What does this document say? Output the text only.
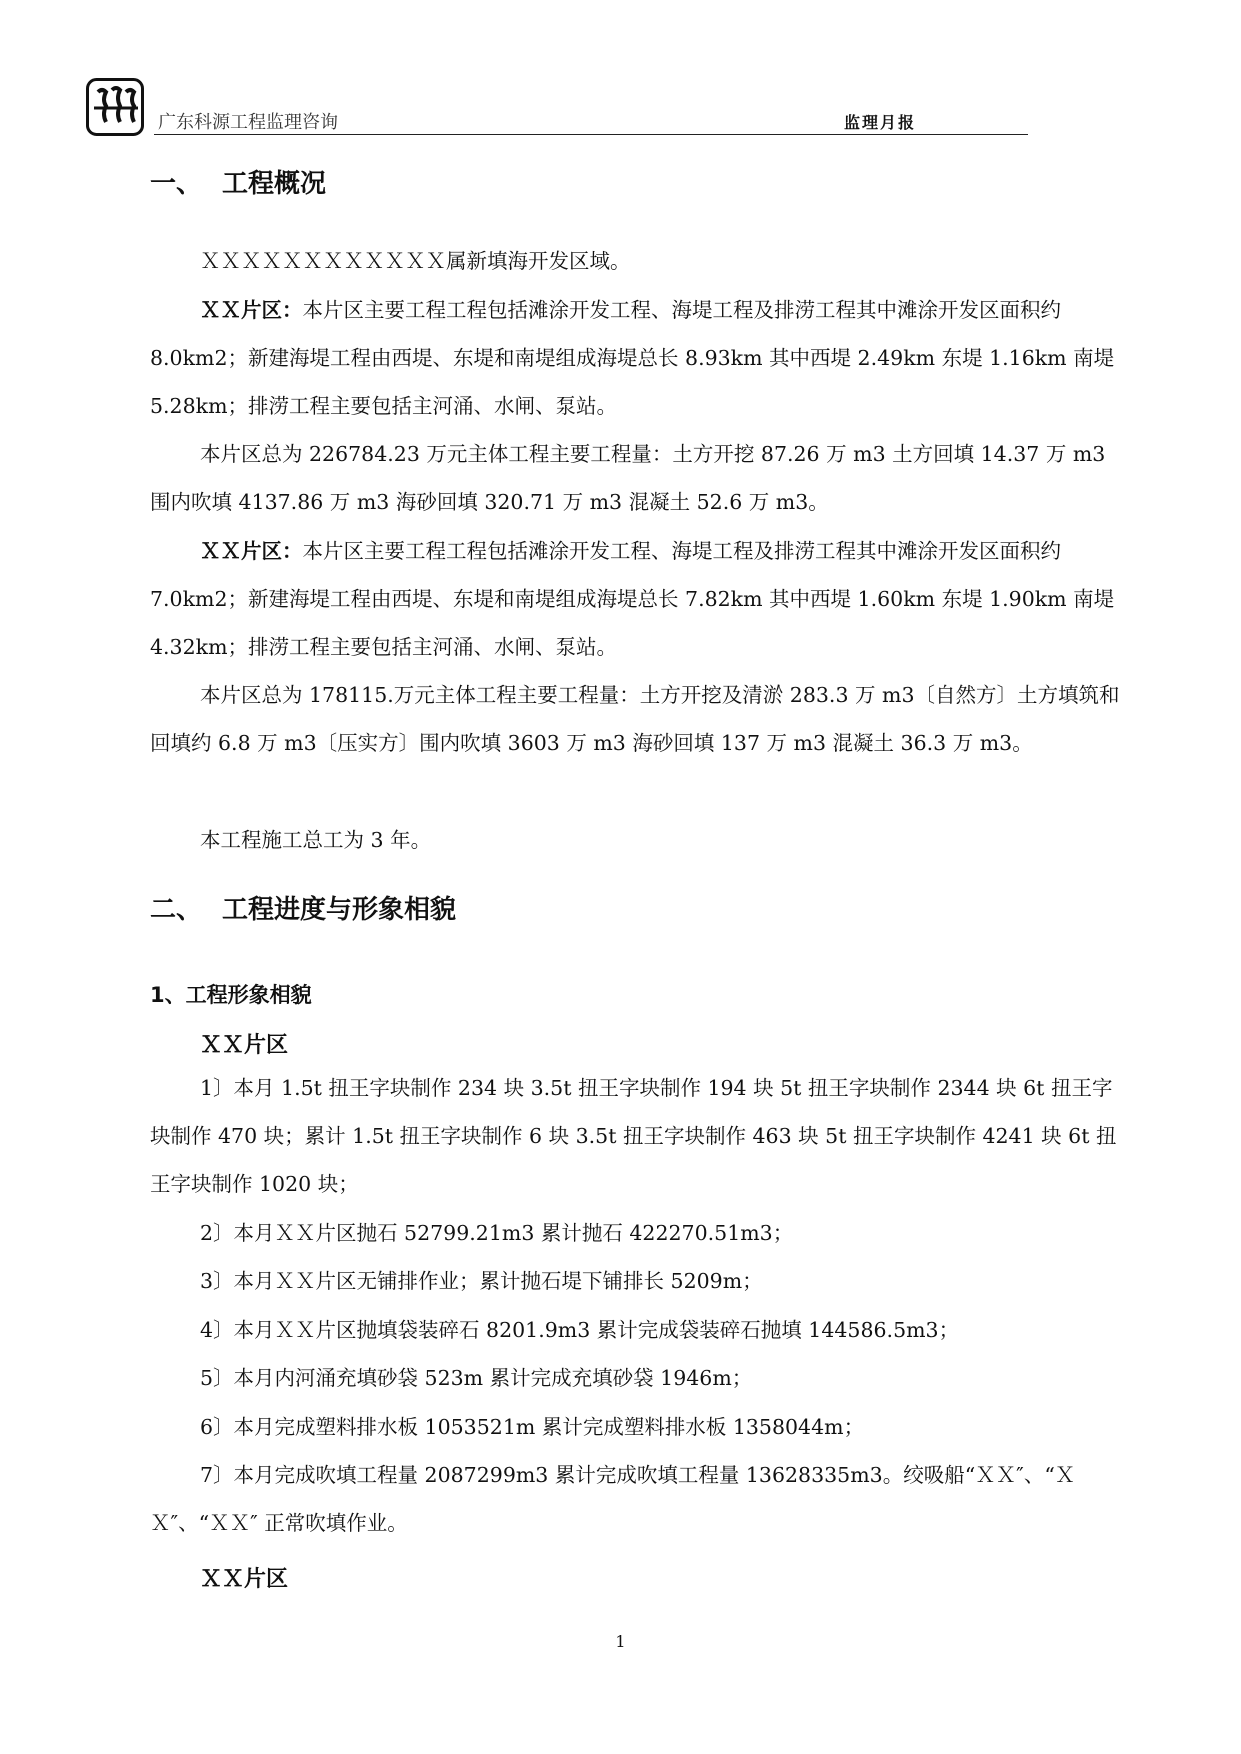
广东科源工程监理咨询	监理月报
一、 工程概况
ＸＸＸＸＸＸＸＸＸＸＸＸ属新填海开发区域。
ＸＸ片区：本片区主要工程工程包括滩涂开发工程、海堤工程及排涝工程其中滩涂开发区面积约 8.0km2；新建海堤工程由西堤、东堤和南堤组成海堤总长 8.93km 其中西堤 2.49km 东堤 1.16km 南堤 5.28km；排涝工程主要包括主河涌、水闸、泵站。
本片区总为 226784.23 万元主体工程主要工程量：土方开挖 87.26 万 m3 土方回填 14.37 万 m3 围内吹填 4137.86 万 m3 海砂回填 320.71 万 m3 混凝土 52.6 万 m3。
ＸＸ片区：本片区主要工程工程包括滩涂开发工程、海堤工程及排涝工程其中滩涂开发区面积约 7.0km2；新建海堤工程由西堤、东堤和南堤组成海堤总长 7.82km 其中西堤 1.60km 东堤 1.90km 南堤 4.32km；排涝工程主要包括主河涌、水闸、泵站。
本片区总为 178115.万元主体工程主要工程量：土方开挖及清淤 283.3 万 m3〔自然方〕土方填筑和回填约 6.8 万 m3〔压实方〕围内吹填 3603 万 m3 海砂回填 137 万 m3 混凝土 36.3 万 m3。
本工程施工总工为 3 年。
二、 工程进度与形象相貌
1、工程形象相貌
ＸＸ片区
1〕本月 1.5t 扭王字块制作 234 块 3.5t 扭王字块制作 194 块 5t 扭王字块制作 2344 块 6t 扭王字块制作 470 块；累计 1.5t 扭王字块制作 6 块 3.5t 扭王字块制作 463 块 5t 扭王字块制作 4241 块 6t 扭王字块制作 1020 块；
2〕本月ＸＸ片区抛石 52799.21m3 累计抛石 422270.51m3；
3〕本月ＸＸ片区无铺排作业；累计抛石堤下铺排长 5209m；
4〕本月ＸＸ片区抛填袋装碎石 8201.9m3 累计完成袋装碎石抛填 144586.5m3；
5〕本月内河涌充填砂袋 523m 累计完成充填砂袋 1946m；
6〕本月完成塑料排水板 1053521m 累计完成塑料排水板 1358044m；
7〕本月完成吹填工程量 2087299m3 累计完成吹填工程量 13628335m3。绞吸船“ＸＸ″、“ＸＸ″、“ＸＸ″ 正常吹填作业。
ＸＸ片区
1
